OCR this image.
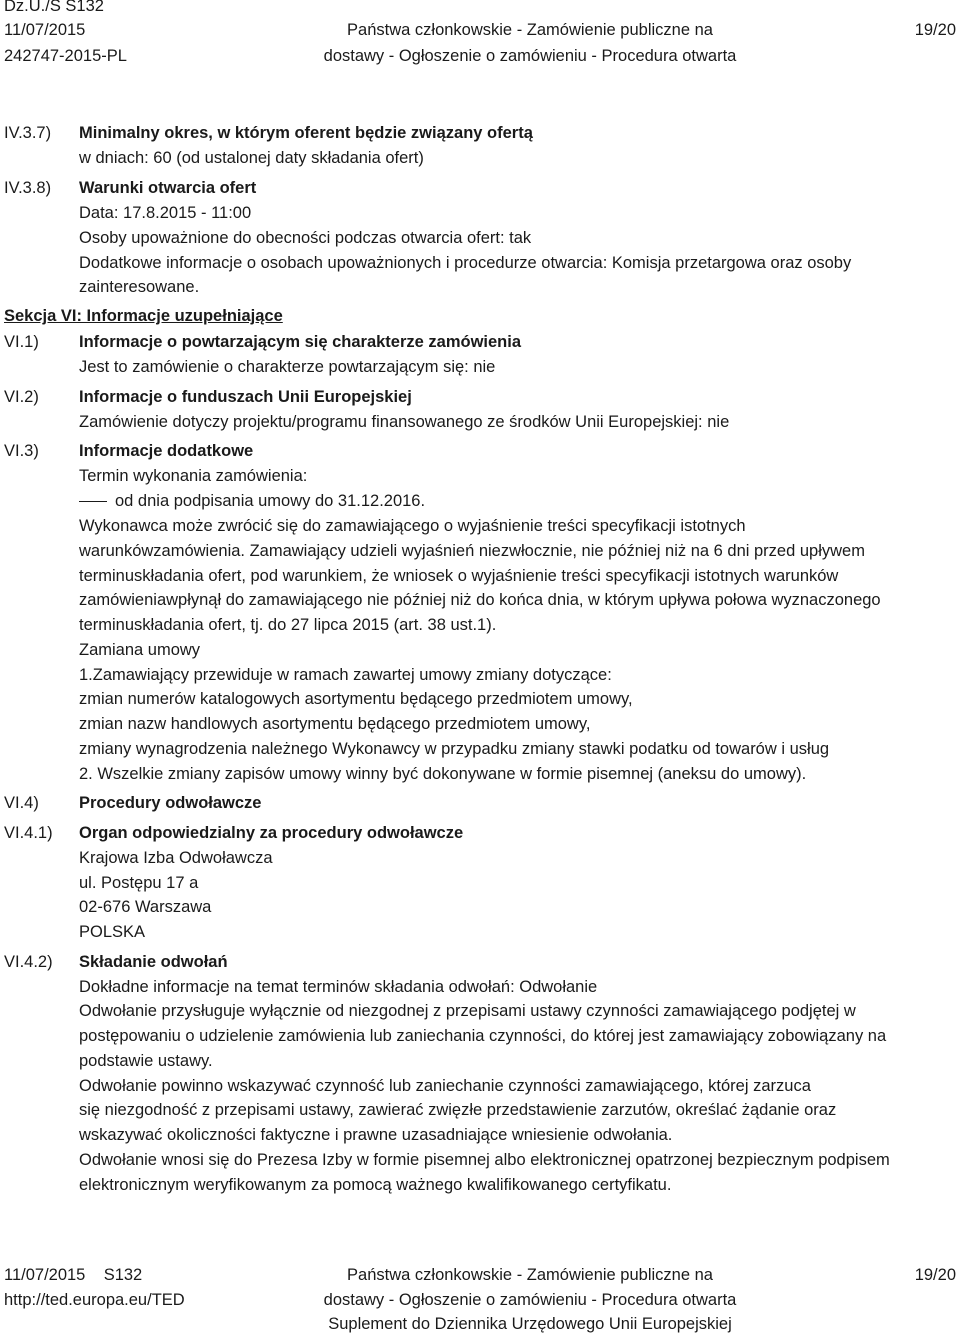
Dz.U./S S132
11/07/2015
242747-2015-PL
Państwa członkowskie - Zamówienie publiczne na
dostawy - Ogłoszenie o zamówieniu - Procedura otwarta
19/20
IV.3.7) Minimalny okres, w którym oferent będzie związany ofertą
w dniach: 60 (od ustalonej daty składania ofert)
IV.3.8) Warunki otwarcia ofert
Data: 17.8.2015 - 11:00
Osoby upoważnione do obecności podczas otwarcia ofert: tak
Dodatkowe informacje o osobach upoważnionych i procedurze otwarcia: Komisja przetargowa oraz osoby
zainteresowane.
Sekcja VI: Informacje uzupełniające
VI.1) Informacje o powtarzającym się charakterze zamówienia
Jest to zamówienie o charakterze powtarzającym się: nie
VI.2) Informacje o funduszach Unii Europejskiej
Zamówienie dotyczy projektu/programu finansowanego ze środków Unii Europejskiej: nie
VI.3) Informacje dodatkowe
Termin wykonania zamówienia:
od dnia podpisania umowy do 31.12.2016.
Wykonawca może zwrócić się do zamawiającego o wyjaśnienie treści specyfikacji istotnych
warunkówzamówienia. Zamawiający udzieli wyjaśnień niezwłocznie, nie później niż na 6 dni przed upływem
terminuskładania ofert, pod warunkiem, że wniosek o wyjaśnienie treści specyfikacji istotnych warunków
zamówieniawpłynął do zamawiającego nie później niż do końca dnia, w którym upływa połowa wyznaczonego
terminuskładania ofert, tj. do 27 lipca 2015 (art. 38 ust.1).
Zamiana umowy
1.Zamawiający przewiduje w ramach zawartej umowy zmiany dotyczące:
zmian numerów katalogowych asortymentu będącego przedmiotem umowy,
zmian nazw handlowych asortymentu będącego przedmiotem umowy,
zmiany wynagrodzenia należnego Wykonawcy w przypadku zmiany stawki podatku od towarów i usług
2. Wszelkie zmiany zapisów umowy winny być dokonywane w formie pisemnej (aneksu do umowy).
VI.4) Procedury odwoławcze
VI.4.1) Organ odpowiedzialny za procedury odwoławcze
Krajowa Izba Odwoławcza
ul. Postępu 17 a
02-676 Warszawa
POLSKA
VI.4.2) Składanie odwołań
Dokładne informacje na temat terminów składania odwołań: Odwołanie
Odwołanie przysługuje wyłącznie od niezgodnej z przepisami ustawy czynności zamawiającego podjętej w
postępowaniu o udzielenie zamówienia lub zaniechania czynności, do której jest zamawiający zobowiązany na
podstawie ustawy.
Odwołanie powinno wskazywać czynność lub zaniechanie czynności zamawiającego, której zarzuca
się niezgodność z przepisami ustawy, zawierać zwięzłe przedstawienie zarzutów, określać żądanie oraz
wskazywać okoliczności faktyczne i prawne uzasadniające wniesienie odwołania.
Odwołanie wnosi się do Prezesa Izby w formie pisemnej albo elektronicznej opatrzonej bezpiecznym podpisem
elektronicznym weryfikowanym za pomocą ważnego kwalifikowanego certyfikatu.
11/07/2015    S132
http://ted.europa.eu/TED
Państwa członkowskie - Zamówienie publiczne na
dostawy - Ogłoszenie o zamówieniu - Procedura otwarta
Suplement do Dziennika Urzędowego Unii Europejskiej
19/20
